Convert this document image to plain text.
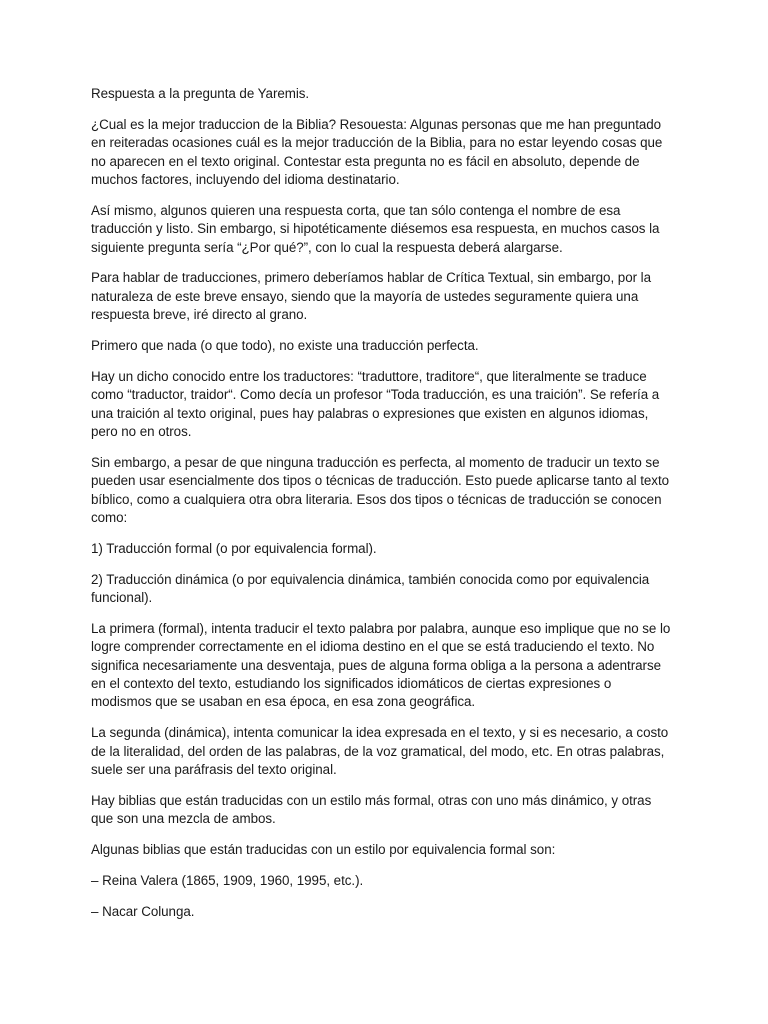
Respuesta a la pregunta de Yaremis.

¿Cual es la mejor traduccion de la Biblia? Resouesta: Algunas personas que me han preguntado en reiteradas ocasiones cuál es la mejor traducción de la Biblia, para no estar leyendo cosas que no aparecen en el texto original. Contestar esta pregunta no es fácil en absoluto, depende de muchos factores, incluyendo del idioma destinatario.

Así mismo, algunos quieren una respuesta corta, que tan sólo contenga el nombre de esa traducción y listo. Sin embargo, si hipotéticamente diésemos esa respuesta, en muchos casos la siguiente pregunta sería “¿Por qué?”, con lo cual la respuesta deberá alargarse.

Para hablar de traducciones, primero deberíamos hablar de Crítica Textual, sin embargo, por la naturaleza de este breve ensayo, siendo que la mayoría de ustedes seguramente quiera una respuesta breve, iré directo al grano.

Primero que nada (o que todo), no existe una traducción perfecta.

Hay un dicho conocido entre los traductores: “traduttore, traditore“, que literalmente se traduce como “traductor, traidor“. Como decía un profesor “Toda traducción, es una traición”. Se refería a una traición al texto original, pues hay palabras o expresiones que existen en algunos idiomas, pero no en otros.

Sin embargo, a pesar de que ninguna traducción es perfecta, al momento de traducir un texto se pueden usar esencialmente dos tipos o técnicas de traducción. Esto puede aplicarse tanto al texto bíblico, como a cualquiera otra obra literaria. Esos dos tipos o técnicas de traducción se conocen como:

1) Traducción formal (o por equivalencia formal).

2) Traducción dinámica (o por equivalencia dinámica, también conocida como por equivalencia funcional).

La primera (formal), intenta traducir el texto palabra por palabra, aunque eso implique que no se lo logre comprender correctamente en el idioma destino en el que se está traduciendo el texto. No significa necesariamente una desventaja, pues de alguna forma obliga a la persona a adentrarse en el contexto del texto, estudiando los significados idiomáticos de ciertas expresiones o modismos que se usaban en esa época, en esa zona geográfica.

La segunda (dinámica), intenta comunicar la idea expresada en el texto, y si es necesario, a costo de la literalidad, del orden de las palabras, de la voz gramatical, del modo, etc. En otras palabras, suele ser una paráfrasis del texto original.

Hay biblias que están traducidas con un estilo más formal, otras con uno más dinámico, y otras que son una mezcla de ambos.

Algunas biblias que están traducidas con un estilo por equivalencia formal son:

– Reina Valera (1865, 1909, 1960, 1995, etc.).

– Nacar Colunga.
